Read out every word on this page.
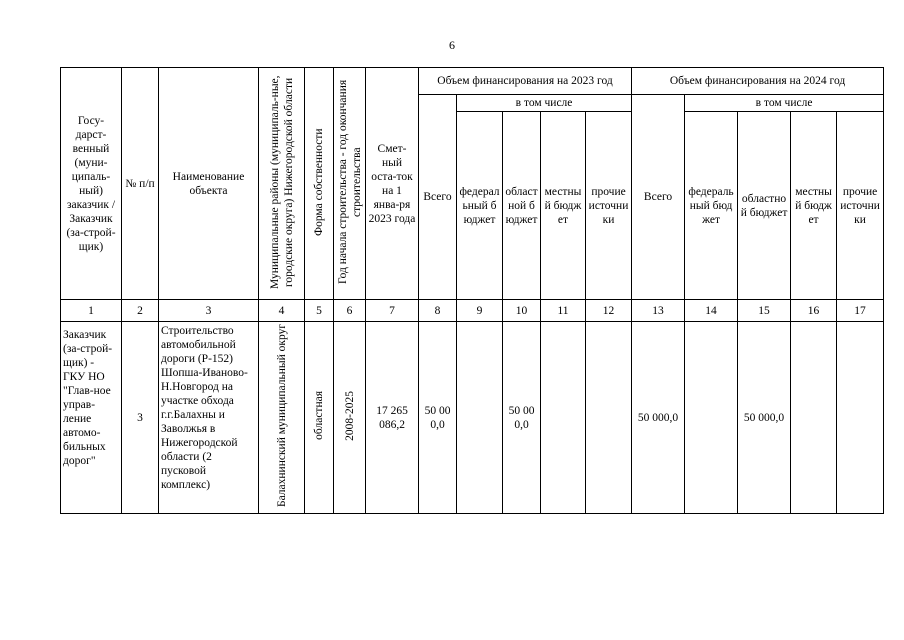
6
Госу-дарст-венный (муни-ципаль-ный) заказчик / Заказчик (за-строй-щик)	№ п/п	Наименование объекта	Муниципальные районы (муниципаль-ные, городские округа) Нижегородской области	Форма собственности	Год начала строительства - год окончания строительства	Смет-ный оста-ток на 1 янва-ря 2023 года	Объем финансирования на 2023 год					Объем финансирования на 2024 год				
							Всего	в том числе				Всего	в том числе			
								федеральный бюджет	областной бюджет	местный бюджет	прочие источники		федеральный бюджет	областной бюджет	местный бюджет	прочие источники
1	2	3	4	5	6	7	8	9	10	11	12	13	14	15	16	17
Заказчик (за-строй-щик) - ГКУ НО "Глав-ное управ-ление автомо-бильных дорог"	3	Строительство автомобильной дороги (Р-152) Шопша-Иваново-Н.Новгород на участке обхода г.г.Балахны и Заволжья в Нижегородской области (2 пусковой комплекс)	Балахнинский муниципальный округ	областная	2008-2025	17 265 086,2	50 000,0		50 000,0			50 000,0		50 000,0		
